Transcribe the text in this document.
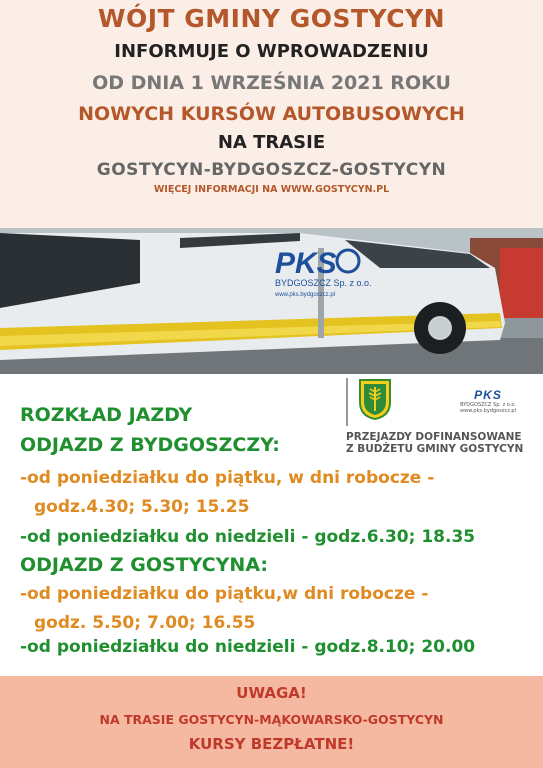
WÓJT GMINY GOSTYCYN
INFORMUJE O WPROWADZENIU
OD DNIA 1 WRZEŚNIA 2021 ROKU
NOWYCH KURSÓW AUTOBUSOWYCH
NA TRASIE
GOSTYCYN-BYDGOSZCZ-GOSTYCYN
WIĘCEJ INFORMACJI NA WWW.GOSTYCYN.PL
PKS
BYDGOSZCZ Sp. z o.o.
www.pks.bydgoszcz.pl
PKS
BYDGOSZCZ Sp. z o.o.
www.pks.bydgoszcz.pl
PRZEJAZDY DOFINANSOWANE
Z BUDŻETU GMINY GOSTYCYN
ROZKŁAD JAZDY
ODJAZD Z BYDGOSZCZY:
-od poniedziałku do piątku, w dni robocze -
godz.4.30; 5.30; 15.25
-od poniedziałku do niedzieli - godz.6.30; 18.35
ODJAZD Z GOSTYCYNA:
-od poniedziałku do piątku,w dni robocze -
godz. 5.50; 7.00; 16.55
-od poniedziałku do niedzieli - godz.8.10; 20.00
UWAGA!
NA TRASIE GOSTYCYN-MĄKOWARSKO-GOSTYCYN
KURSY BEZPŁATNE!
